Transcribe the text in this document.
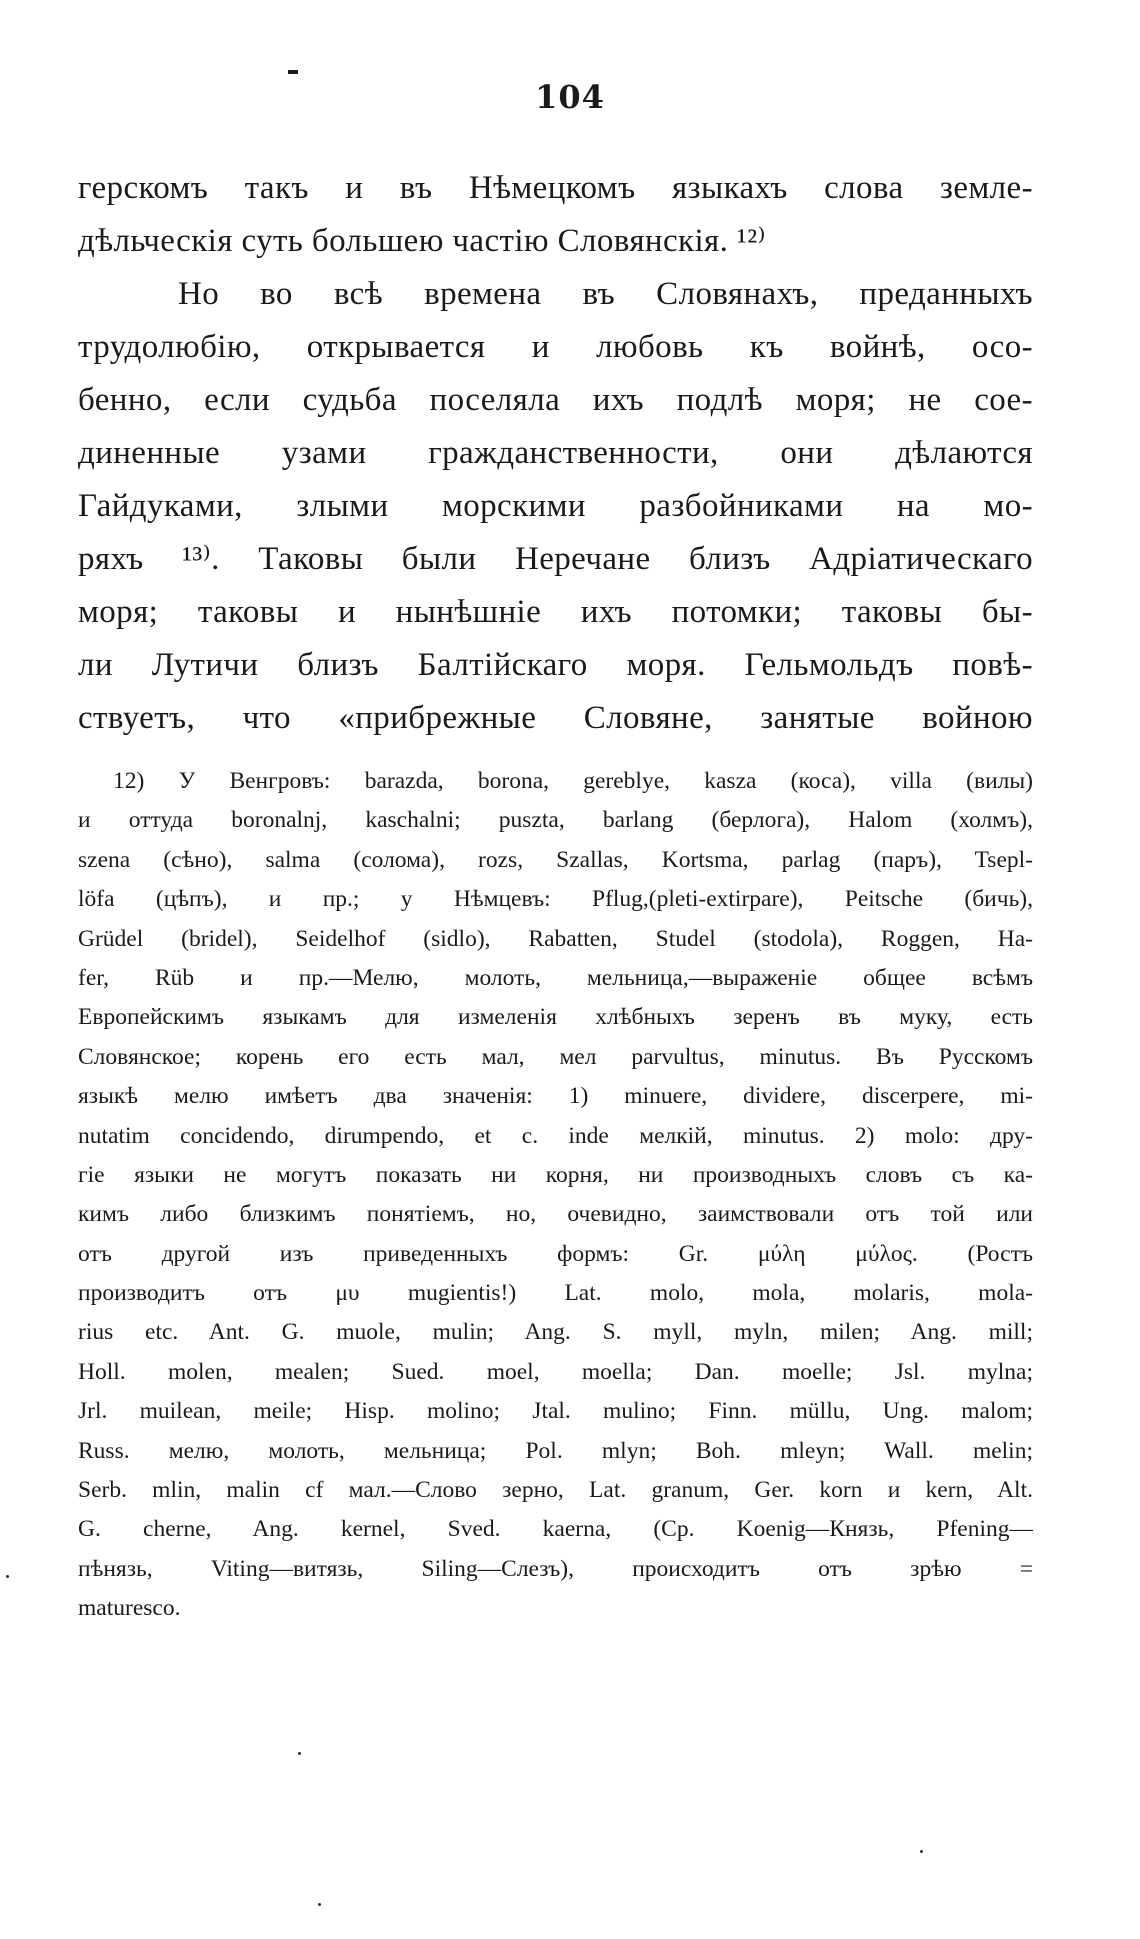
104
герскомъ такъ и въ Нѣмецкомъ языкахъ слова земле-
дѣльческія суть большею частію Словянскія. ¹²⁾
Но во всѣ времена въ Словянахъ, преданныхъ
трудолюбію, открывается и любовь къ войнѣ, осо-
бенно, если судьба поселяла ихъ подлѣ моря; не сое-
диненные узами гражданственности, они дѣлаются
Гайдуками, злыми морскими разбойниками на мо-
ряхъ ¹³⁾. Таковы были Неречане близъ Адріатическаго
моря; таковы и нынѣшніе ихъ потомки; таковы бы-
ли Лутичи близъ Балтійскаго моря. Гельмольдъ повѣ-
ствуетъ, что «прибрежные Словяне, занятые войною
12) У Венгровъ: barazda, borona, gereblye, kasza (коса), villa (вилы)
и оттуда boronalnj, kaschalni; puszta, barlang (берлога), Halom (холмъ),
szena (сѣно), salma (солома), rozs, Szallas, Kortsma, parlag (паръ), Tsepl-
löfa (цѣпъ), и пр.; у Нѣмцевъ: Pflug,(pleti-extirpare), Peitsche (бичь),
Grüdel (bridel), Seidelhof (sidlo), Rabatten, Studel (stodola), Roggen, Ha-
fer, Rüb и пр.—Мелю, молоть, мельница,—выраженіе общее всѣмъ
Европейскимъ языкамъ для измеленія хлѣбныхъ зеренъ въ муку, есть
Словянское; корень его есть мал, мел parvultus, minutus. Въ Русскомъ
языкѣ мелю имѣетъ два значенія: 1) minuere, dividere, discerpere, mi-
nutatim concidendo, dirumpendo, et c. inde мелкій, minutus. 2) molo: дру-
гіе языки не могутъ показать ни корня, ни производныхъ словъ съ ка-
кимъ либо близкимъ понятіемъ, но, очевидно, заимствовали отъ той или
отъ другой изъ приведенныхъ формъ: Gr. μύλη μύλος. (Ростъ
производитъ отъ μυ mugientis!) Lat. molo, mola, molaris, mola-
rius etc. Ant. G. muole, mulin; Ang. S. myll, myln, milen; Ang. mill;
Holl. molen, mealen; Sued. moel, moella; Dan. moelle; Jsl. mylna;
Jrl. muilean, meile; Hisp. molino; Jtal. mulino; Finn. müllu, Ung. malom;
Russ. мелю, молоть, мельница; Pol. mlyn; Boh. mleyn; Wall. melin;
Serb. mlin, malin cf мал.—Слово зерно, Lat. granum, Ger. korn и kern, Alt.
G. cherne, Ang. kernel, Sved. kaerna, (Cp. Koenig—Князь, Pfening—
пѣнязь, Viting—витязь, Siling—Слезъ), происходитъ отъ зрѣю =
maturesco.
